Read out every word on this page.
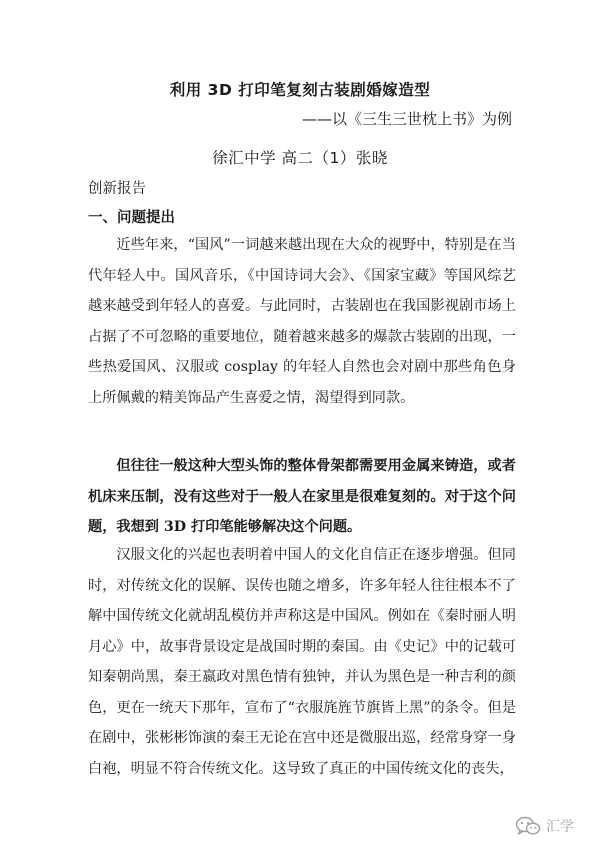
利用 3D 打印笔复刻古装剧婚嫁造型
——以《三生三世枕上书》为例
徐汇中学 高二（1）张晓
创新报告
一、问题提出

近些年来，“国风”一词越来越出现在大众的视野中，特别是在当代年轻人中。国风音乐，《中国诗词大会》、《国家宝藏》等国风综艺越来越受到年轻人的喜爱。与此同时，古装剧也在我国影视剧市场上占据了不可忽略的重要地位，随着越来越多的爆款古装剧的出现，一些热爱国风、汉服或 cosplay 的年轻人自然也会对剧中那些角色身上所佩戴的精美饰品产生喜爱之情，渴望得到同款。

但往往一般这种大型头饰的整体骨架都需要用金属来铸造，或者机床来压制，没有这些对于一般人在家里是很难复刻的。对于这个问题，我想到 3D 打印笔能够解决这个问题。

汉服文化的兴起也表明着中国人的文化自信正在逐步增强。但同时，对传统文化的误解、误传也随之增多，许多年轻人往往根本不了解中国传统文化就胡乱模仿并声称这是中国风。例如在《秦时丽人明月心》中，故事背景设定是战国时期的秦国。由《史记》中的记载可知秦朝尚黑，秦王嬴政对黑色情有独钟，并认为黑色是一种吉利的颜色，更在一统天下那年，宣布了“衣服旄旌节旗皆上黑”的条令。但是在剧中，张彬彬饰演的秦王无论在宫中还是微服出巡，经常身穿一身白袍，明显不符合传统文化。这导致了真正的中国传统文化的丧失，

汇学
